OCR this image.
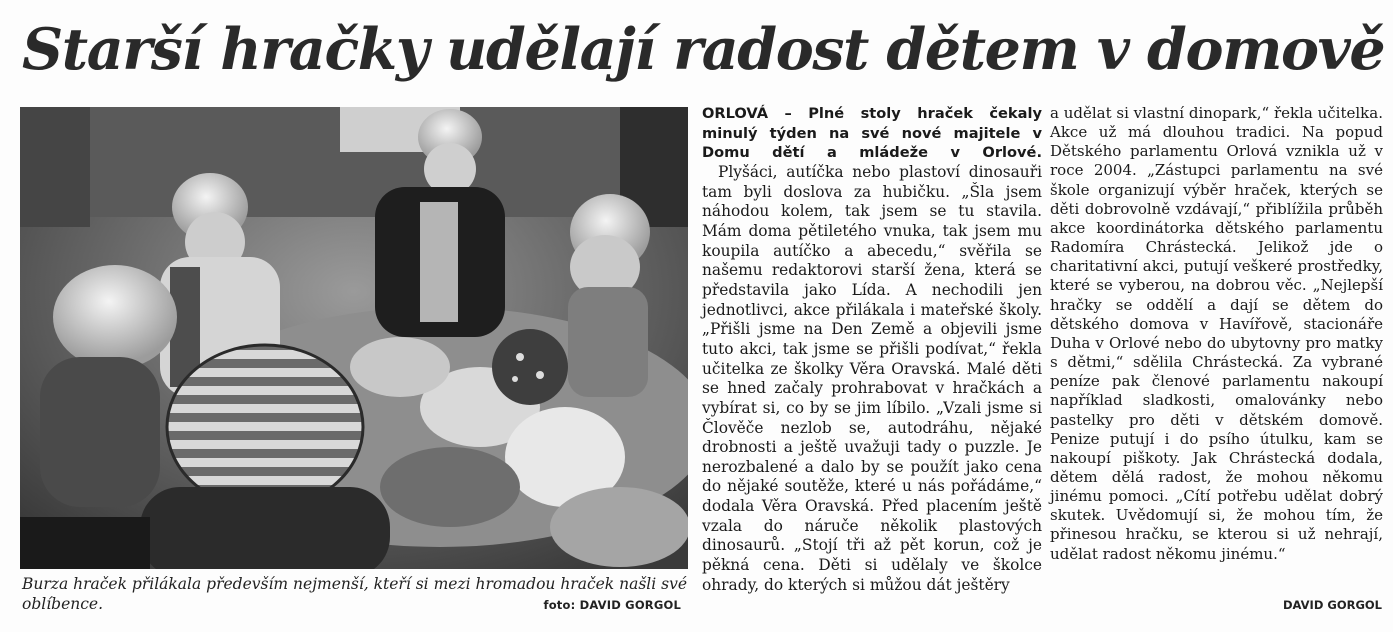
Starší hračky udělají radost dětem v domově
Burza hraček přilákala především nejmenší, kteří si mezi hromadou hraček našli své oblíbence.	foto: DAVID GORGOL

ORLOVÁ – Plné stoly hraček čekaly minulý týden na své nové majitele v Domu dětí a mládeže v Orlové.

Plyšáci, autíčka nebo plastoví dinosauři tam byli doslova za hubičku. „Šla jsem náhodou kolem, tak jsem se tu stavila. Mám doma pětiletého vnuka, tak jsem mu koupila autíčko a abecedu,“ svěřila se našemu redaktorovi starší žena, která se představila jako Lída. A nechodili jen jednotlivci, akce přilákala i mateřské školy. „Přišli jsme na Den Země a objevili jsme tuto akci, tak jsme se přišli podívat,“ řekla učitelka ze školky Věra Oravská. Malé děti se hned začaly prohrabovat v hračkách a vybírat si, co by se jim líbilo. „Vzali jsme si Člověče nezlob se, autodráhu, nějaké drobnosti a ještě uvažuji tady o puzzle. Je nerozbalené a dalo by se použít jako cena do nějaké soutěže, které u nás pořádáme,“ dodala Věra Oravská. Před placením ještě vzala do náruče několik plastových dinosaurů. „Stojí tři až pět korun, což je pěkná cena. Děti si udělaly ve školce ohrady, do kterých si můžou dát ještěry

a udělat si vlastní dinopark,“ řekla učitelka. Akce už má dlouhou tradici. Na popud Dětského parlamentu Orlová vznikla už v roce 2004. „Zástupci parlamentu na své škole organizují výběr hraček, kterých se děti dobrovolně vzdávají,“ přiblížila průběh akce koordinátorka dětského parlamentu Radomíra Chrástecká. Jelikož jde o charitativní akci, putují veškeré prostředky, které se vyberou, na dobrou věc. „Nejlepší hračky se oddělí a dají se dětem do dětského domova v Havířově, stacionáře Duha v Orlové nebo do ubytovny pro matky s dětmi,“ sdělila Chrástecká. Za vybrané peníze pak členové parlamentu nakoupí například sladkosti, omalovánky nebo pastelky pro děti v dětském domově. Penize putují i do psího útulku, kam se nakoupí piškoty. Jak Chrástecká dodala, dětem dělá radost, že mohou někomu jinému pomoci. „Cítí potřebu udělat dobrý skutek. Uvědomují si, že mohou tím, že přinesou hračku, se kterou si už nehrají, udělat radost někomu jinému.“

DAVID GORGOL
